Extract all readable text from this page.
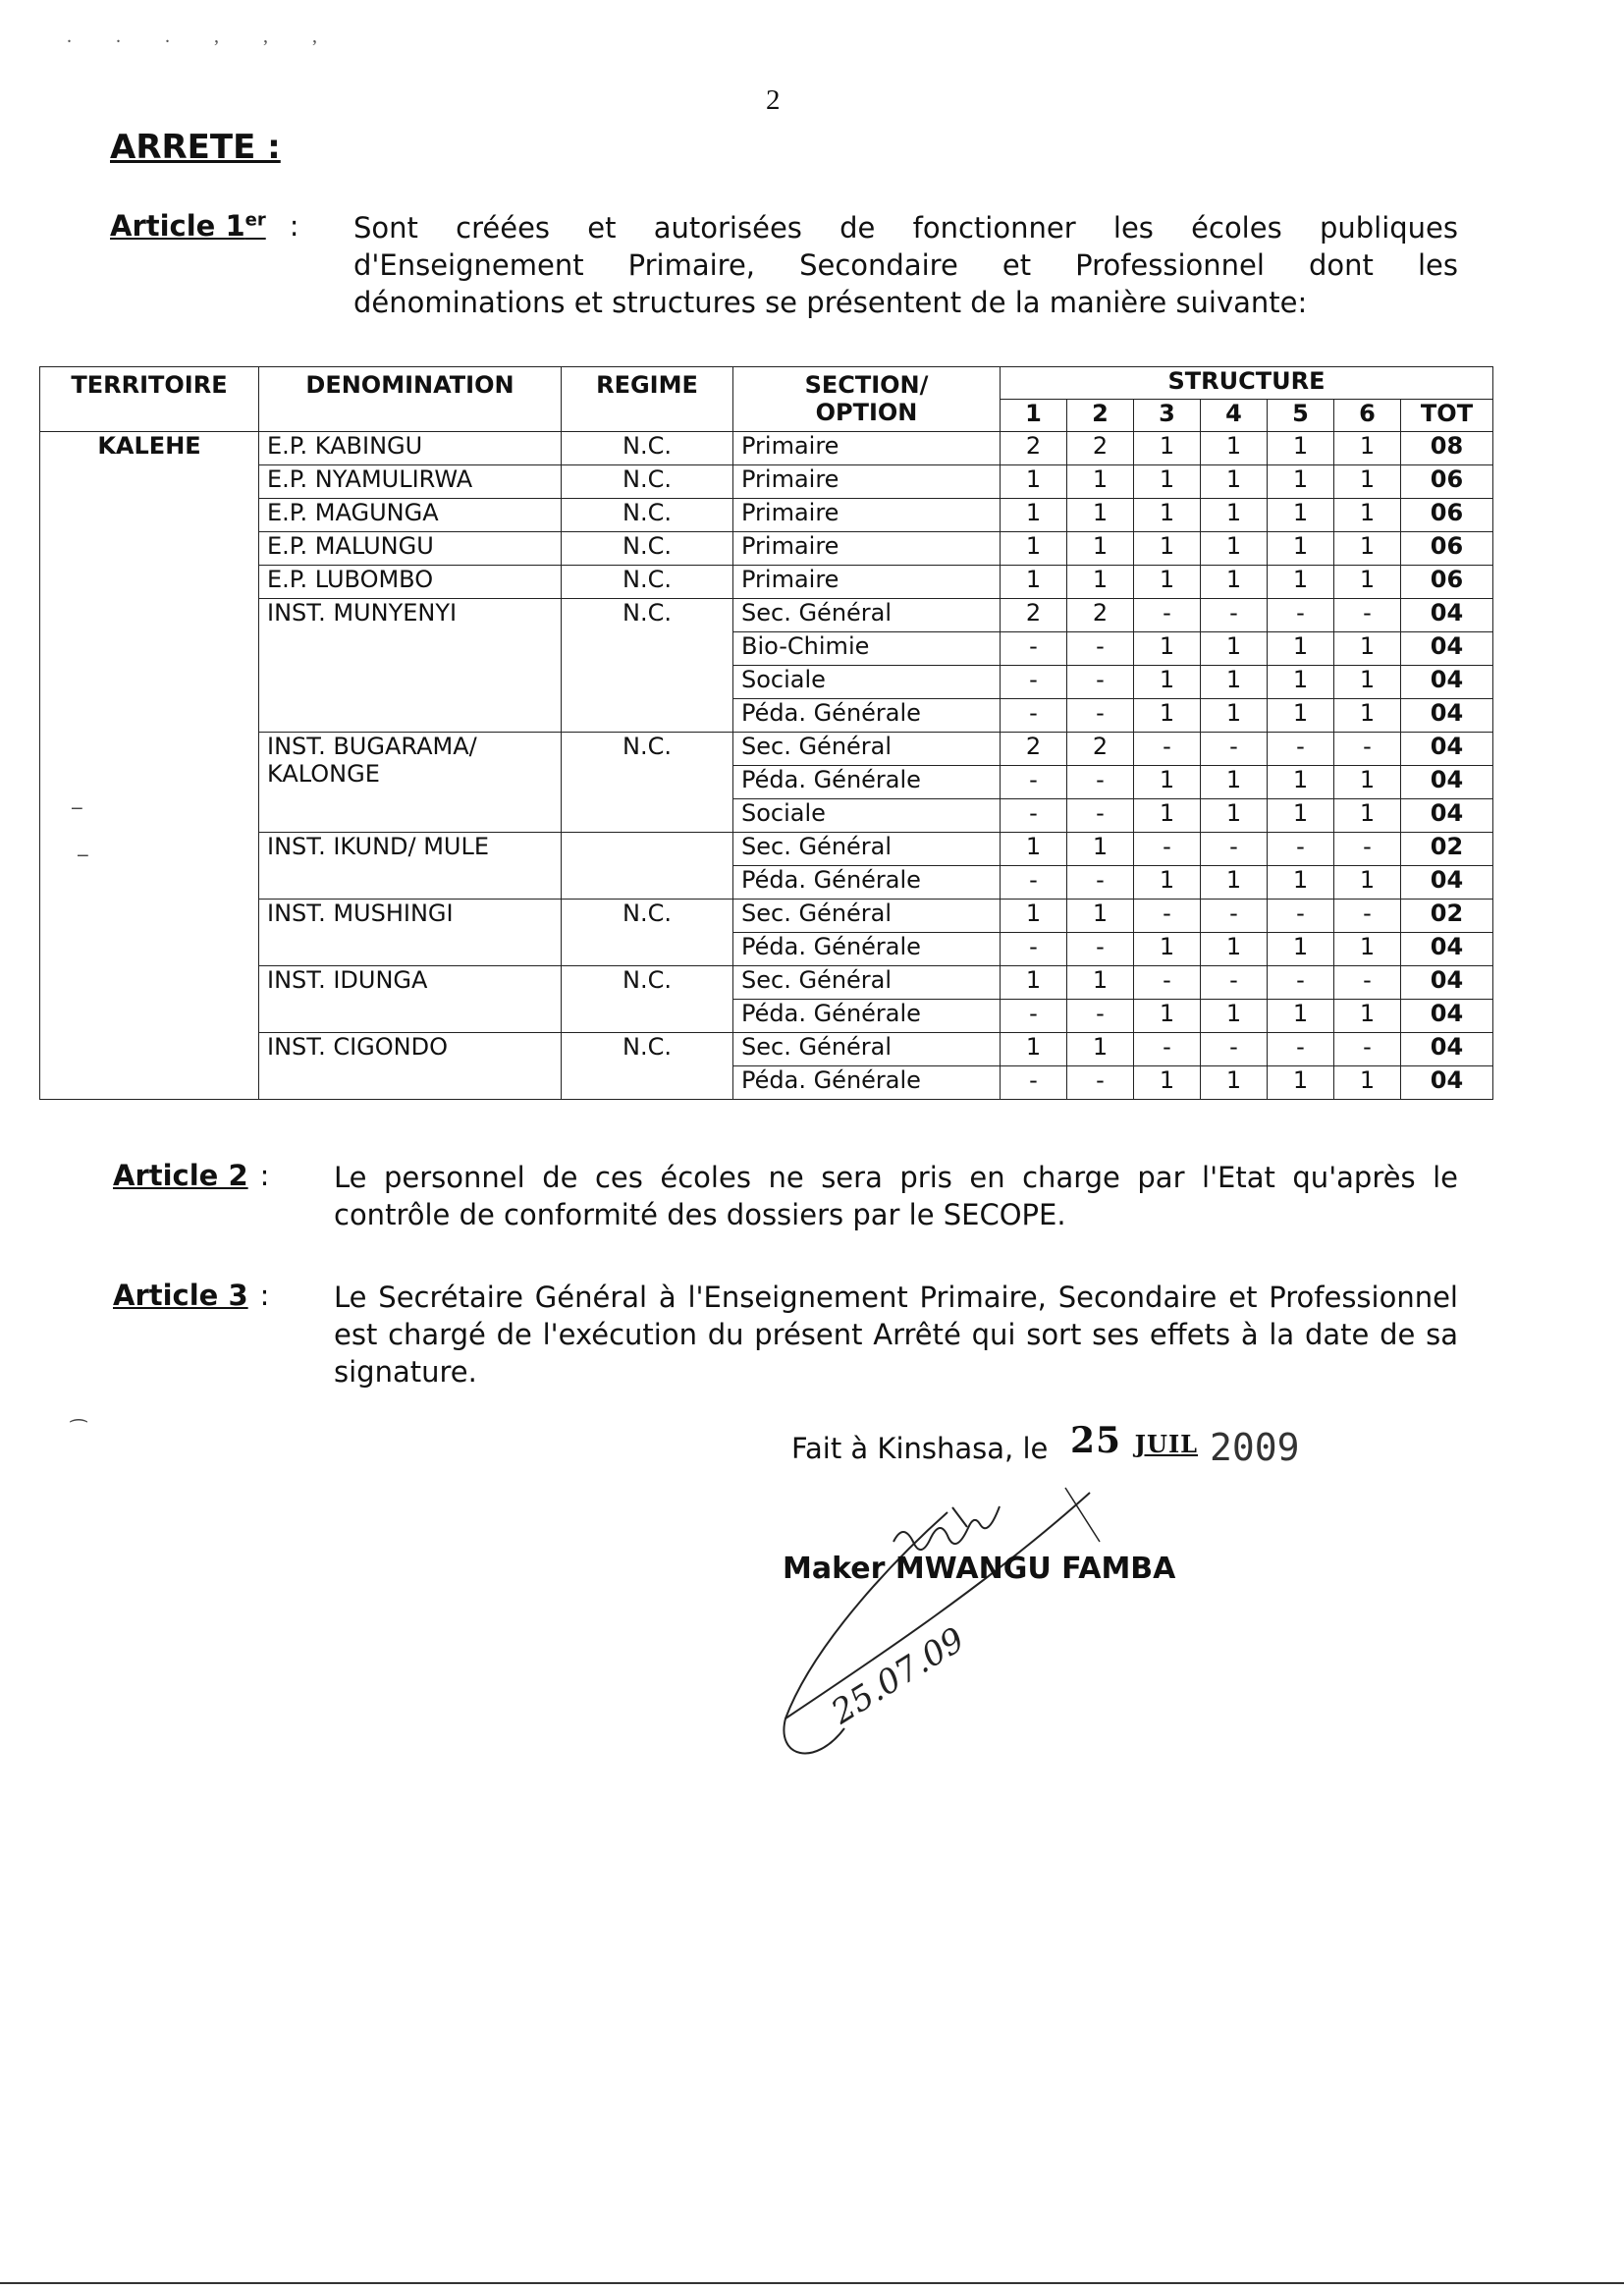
. . . , , ,
2
ARRETE :
Article 1er : Sont créées et autorisées de fonctionner les écoles publiques d'Enseignement Primaire, Secondaire et Professionnel dont les dénominations et structures se présentent de la manière suivante:
TERRITOIRE	DENOMINATION	REGIME	SECTION/
OPTION	STRUCTURE						
				1	2	3	4	5	6	TOT
KALEHE	E.P. KABINGU	N.C.	Primaire	2	2	1	1	1	1	08

	E.P. NYAMULIRWA	N.C.	Primaire	1	1	1	1	1	1	06

	E.P. MAGUNGA	N.C.	Primaire	1	1	1	1	1	1	06

	E.P. MALUNGU	N.C.	Primaire	1	1	1	1	1	1	06

	E.P. LUBOMBO	N.C.	Primaire	1	1	1	1	1	1	06

	INST. MUNYENYI	N.C.	Sec. Général	2	2	-	-	-	-	04
			Bio-Chimie	-	-	1	1	1	1	04
			Sociale	-	-	1	1	1	1	04
			Péda. Générale	-	-	1	1	1	1	04

	INST. BUGARAMA/
KALONGE	N.C.	Sec. Général	2	2	-	-	-	-	04
			Péda. Générale	-	-	1	1	1	1	04
			Sociale	-	-	1	1	1	1	04

	INST. IKUND/ MULE		Sec. Général	1	1	-	-	-	-	02
			Péda. Générale	-	-	1	1	1	1	04

	INST. MUSHINGI	N.C.	Sec. Général	1	1	-	-	-	-	02
			Péda. Générale	-	-	1	1	1	1	04

	INST. IDUNGA	N.C.	Sec. Général	1	1	-	-	-	-	04
			Péda. Générale	-	-	1	1	1	1	04

	INST. CIGONDO	N.C.	Sec. Général	1	1	-	-	-	-	04
			Péda. Générale	-	-	1	1	1	1	04
Article 2 : Le personnel de ces écoles ne sera pris en charge par l'Etat qu'après le contrôle de conformité des dossiers par le SECOPE.
Article 3 : Le Secrétaire Général à l'Enseignement Primaire, Secondaire et Professionnel est chargé de l'exécution du présent Arrêté qui sort ses effets à la date de sa signature.
Fait à Kinshasa, le 25 JUIL 2009
25.07.09
Maker MWANGU FAMBA
‒
‒
⁀
